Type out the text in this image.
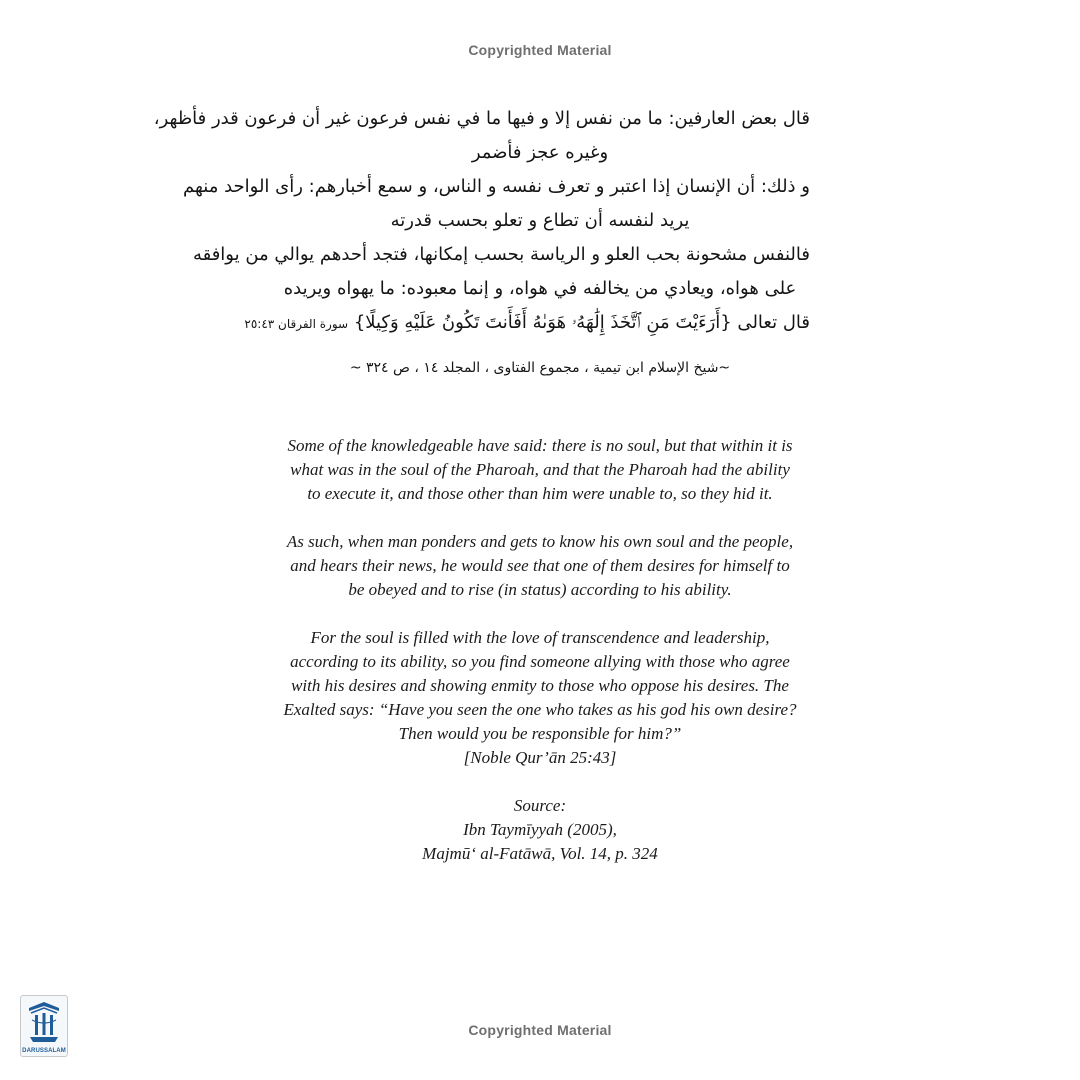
Copyrighted Material
قال بعض العارفين: ما من نفس إلا و فيها ما في نفس فرعون غير أن فرعون قدر فأظهر،
وغيره عجز فأضمر
و ذلك: أن الإنسان إذا اعتبر و تعرف نفسه و الناس، و سمع أخبارهم: رأى الواحد منهم
يريد لنفسه أن تطاع و تعلو بحسب قدرته
فالنفس مشحونة بحب العلو و الرياسة بحسب إمكانها، فتجد أحدهم يوالي من يوافقه
على هواه، ويعادي من يخالفه في هواه، و إنما معبوده: ما يهواه ويريده
قال تعالى {أَرَءَيْتَ مَنِ ٱتَّخَذَ إِلَٰهَهُۥ هَوَىٰهُ أَفَأَنتَ تَكُونُ عَلَيْهِ وَكِيلًا} سورة الفرقان ٢٥:٤٣
~شيخ الإسلام ابن تيمية ، مجموع الفتاوى ، المجلد ١٤ ، ص ٣٢٤ ~
Some of the knowledgeable have said: there is no soul, but that within it is
what was in the soul of the Pharoah, and that the Pharoah had the ability
to execute it, and those other than him were unable to, so they hid it.
As such, when man ponders and gets to know his own soul and the people,
and hears their news, he would see that one of them desires for himself to
be obeyed and to rise (in status) according to his ability.
For the soul is filled with the love of transcendence and leadership,
according to its ability, so you find someone allying with those who agree
with his desires and showing enmity to those who oppose his desires. The
Exalted says: “Have you seen the one who takes as his god his own desire?
Then would you be responsible for him?”
[Noble Qur’ān 25:43]
Source:
Ibn Taymīyyah (2005),
Majmū‘ al-Fatāwā, Vol. 14, p. 324
Copyrighted Material
DARUSSALAM
